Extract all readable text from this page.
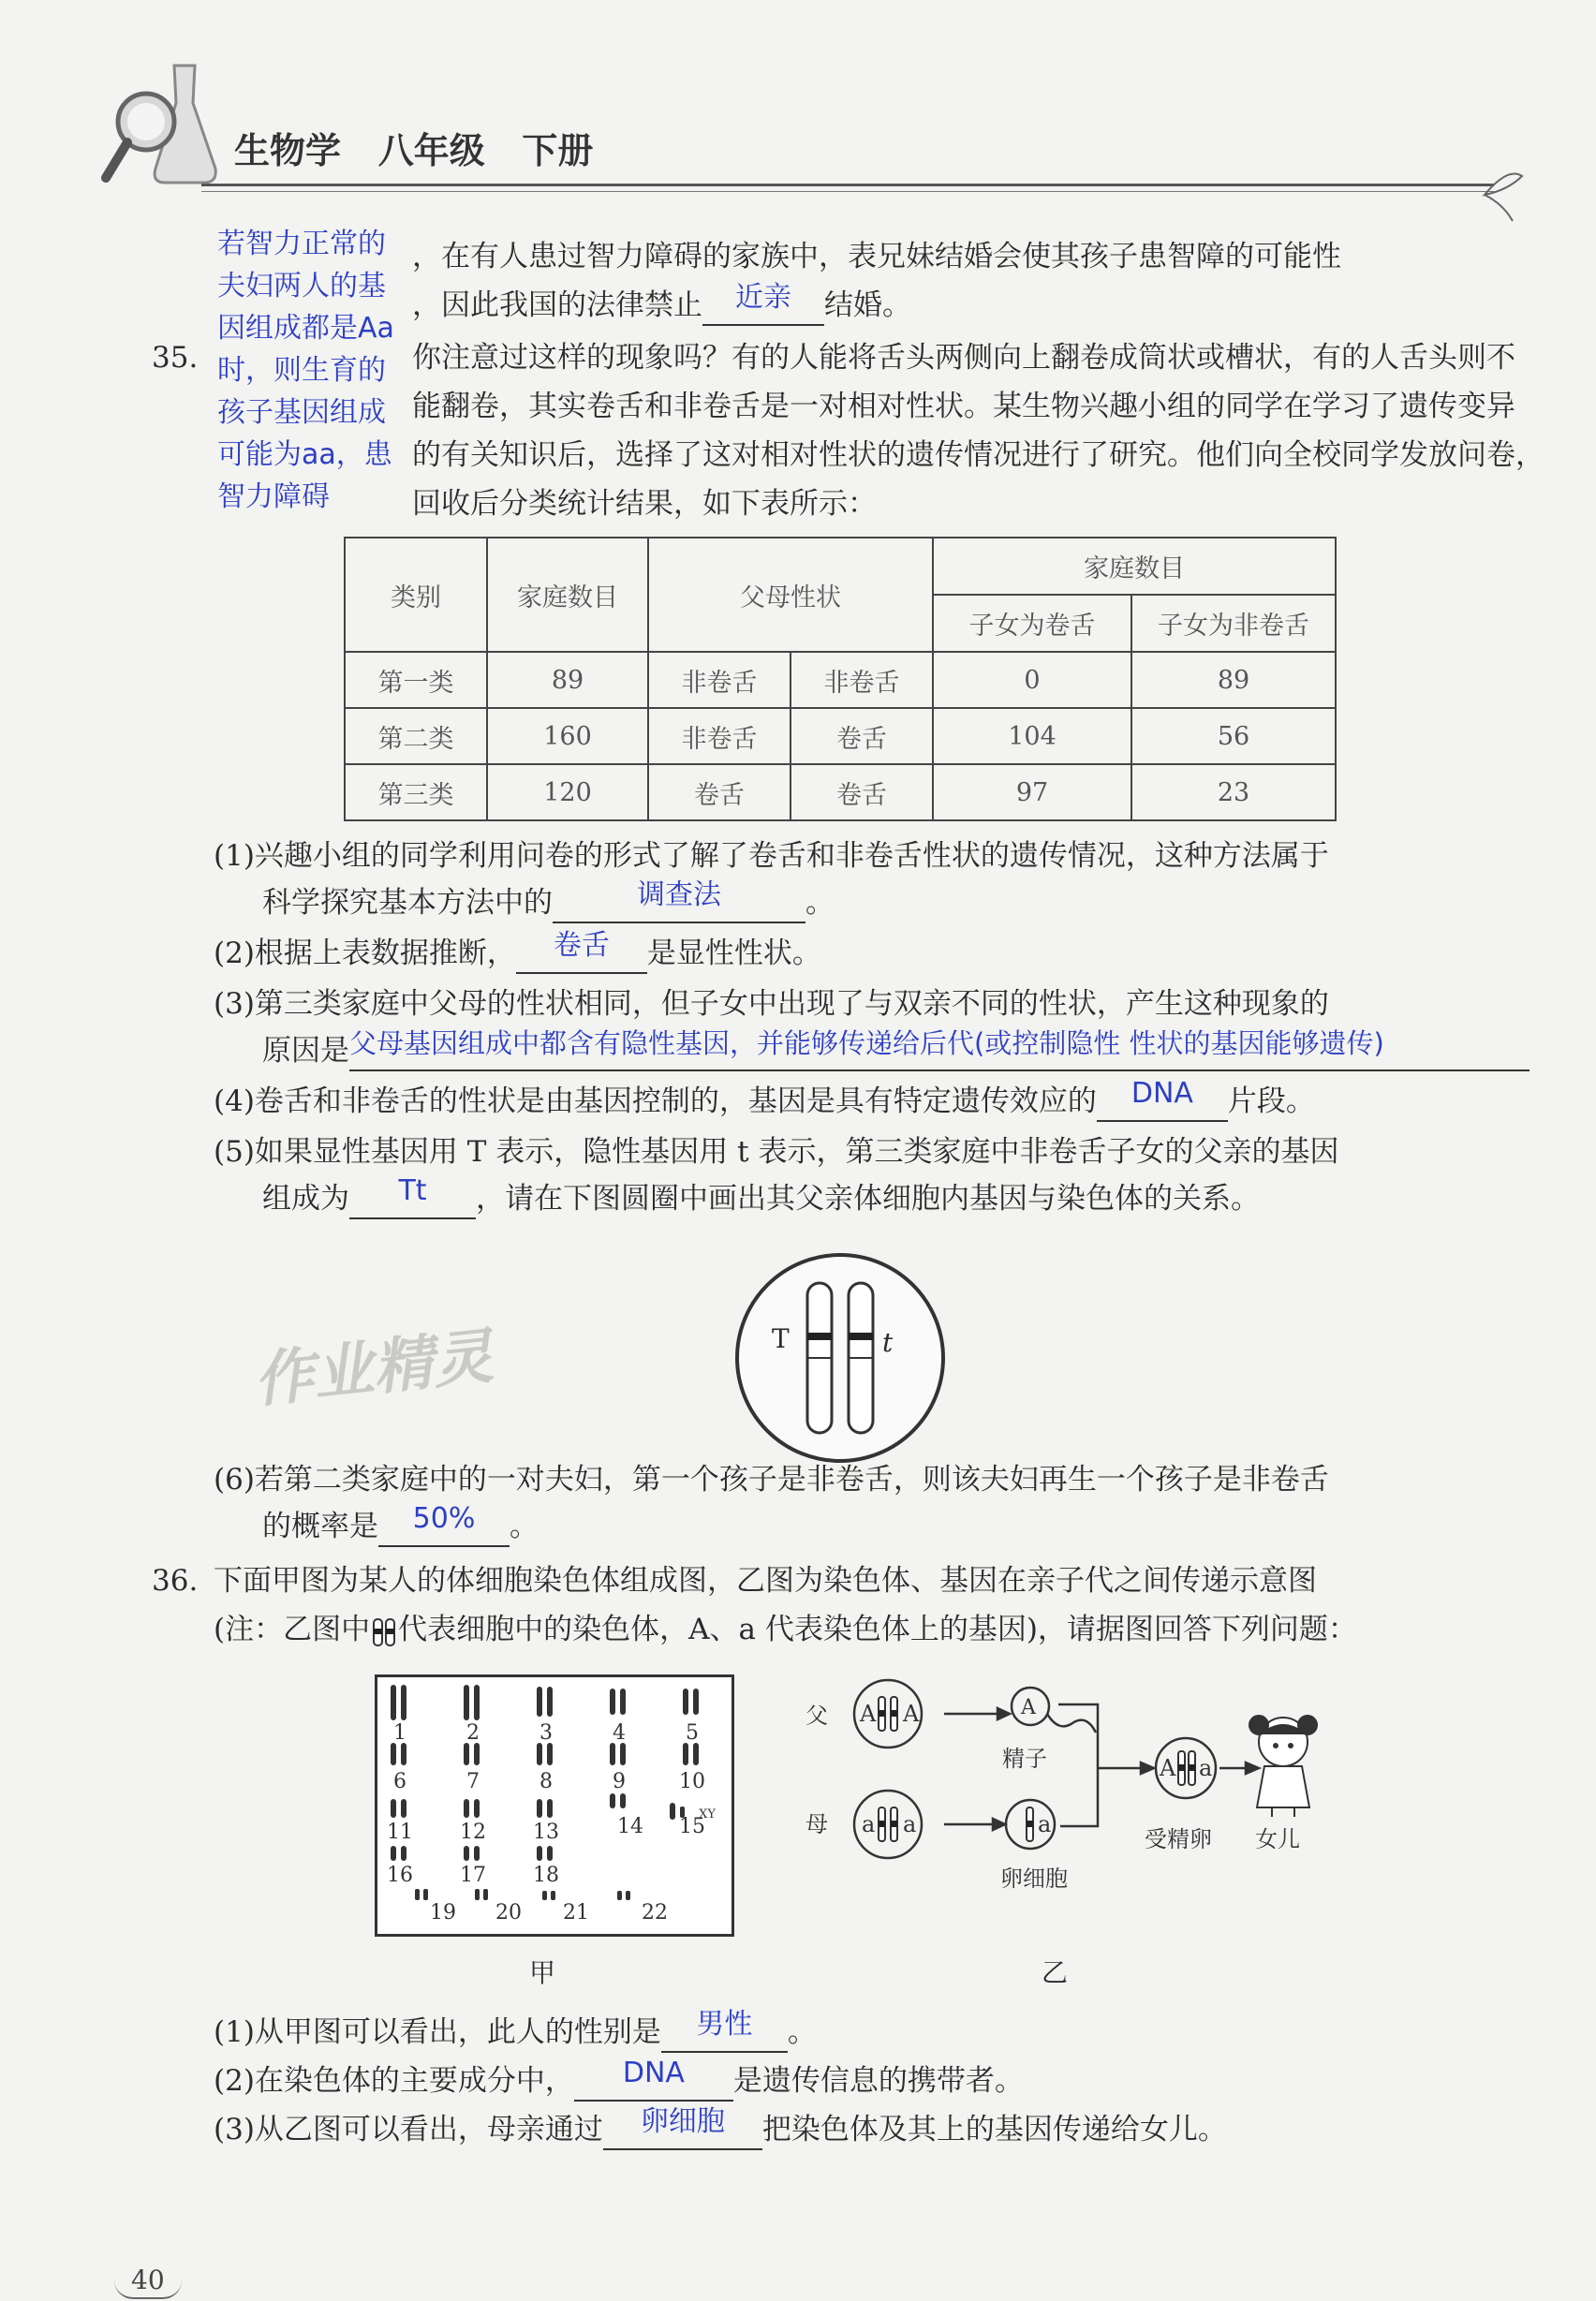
生物学   八年级   下册
若智力正常的
夫妇两人的基
因组成都是Aa
时，则生育的
孩子基因组成
可能为aa，患
智力障碍
，在有人患过智力障碍的家族中，表兄妹结婚会使其孩子患智障的可能性
，因此我国的法律禁止	近亲	结婚。
35.	你注意过这样的现象吗？有的人能将舌头两侧向上翻卷成筒状或槽状，有的人舌头则不
能翻卷，其实卷舌和非卷舌是一对相对性状。某生物兴趣小组的同学在学习了遗传变异
的有关知识后，选择了这对相对性状的遗传情况进行了研究。他们向全校同学发放问卷，
回收后分类统计结果，如下表所示：
类别	家庭数目	父母性状		家庭数目	
				子女为卷舌	子女为非卷舌
第一类	89	非卷舌	非卷舌	0	89
第二类	160	非卷舌	卷舌	104	56
第三类	120	卷舌	卷舌	97	23
(1)兴趣小组的同学利用问卷的形式了解了卷舌和非卷舌性状的遗传情况，这种方法属于
科学探究基本方法中的	调查法	。
(2)根据上表数据推断，	卷舌	是显性性状。
(3)第三类家庭中父母的性状相同，但子女中出现了与双亲不同的性状，产生这种现象的
原因是 父母基因组成中都含有隐性基因，并能够传递给后代(或控制隐性 性状的基因能够遗传)
(4)卷舌和非卷舌的性状是由基因控制的，基因是具有特定遗传效应的	DNA	片段。
(5)如果显性基因用 T 表示，隐性基因用 t 表示，第三类家庭中非卷舌子女的父亲的基因
组成为	Tt	，请在下图圆圈中画出其父亲体细胞内基因与染色体的关系。
T	t
作业精灵
(6)若第二类家庭中的一对夫妇，第一个孩子是非卷舌，则该夫妇再生一个孩子是非卷舌
的概率是	50%	。
36. 下面甲图为某人的体细胞染色体组成图，乙图为染色体、基因在亲子代之间传递示意图
(注：乙图中 代表细胞中的染色体，A、a 代表染色体上的基因)，请据图回答下列问题：
1	2	3	4	5
6	7	8	9	10
11 12 13	14 15
16 17 18
19 20 21	22
XY
甲
父
母
A A
a a
A
a
A a
精子
卵细胞
受精卵 女儿
乙
(1)从甲图可以看出，此人的性别是	男性	。
(2)在染色体的主要成分中，	DNA	是遗传信息的携带者。
(3)从乙图可以看出，母亲通过	卵细胞	把染色体及其上的基因传递给女儿。
40
